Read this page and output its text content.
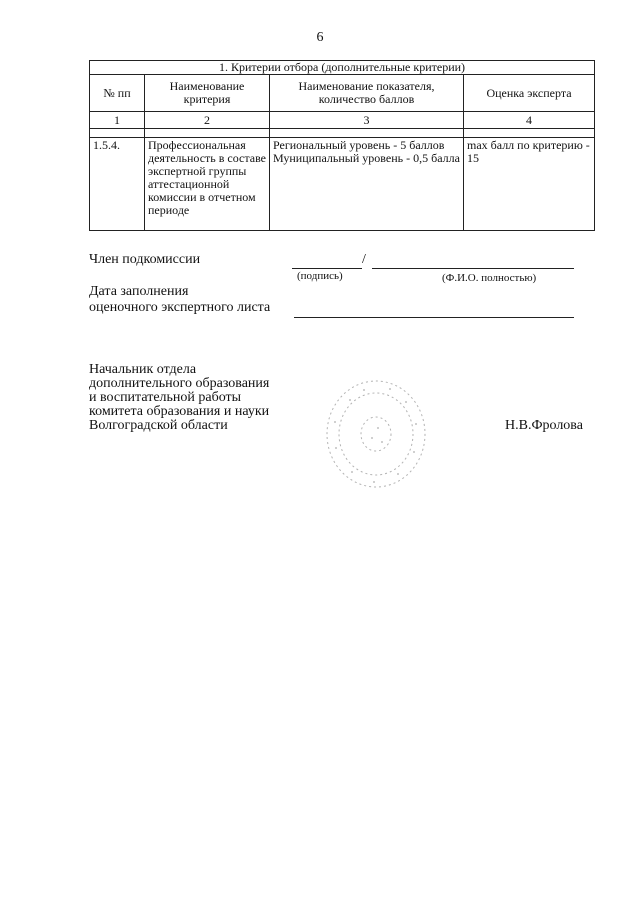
6
1. Критерии отбора (дополнительные критерии)			
№ пп	Наименование критерия	Наименование показателя, количество баллов	Оценка эксперта
1	2	3	4

1.5.4.	Профессиональная деятельность в составе экспертной группы аттестационной комиссии в отчетном периоде	Региональный уровень - 5 баллов Муниципальный уровень - 0,5 балла	max балл по критерию - 15
Член подкомиссии	/
(подпись)	(Ф.И.О. полностью)
Дата заполнения
оценочного экспертного листа
Начальник отдела
дополнительного образования
и воспитательной работы
комитета образования и науки
Волгоградской области	Н.В.Фролова
